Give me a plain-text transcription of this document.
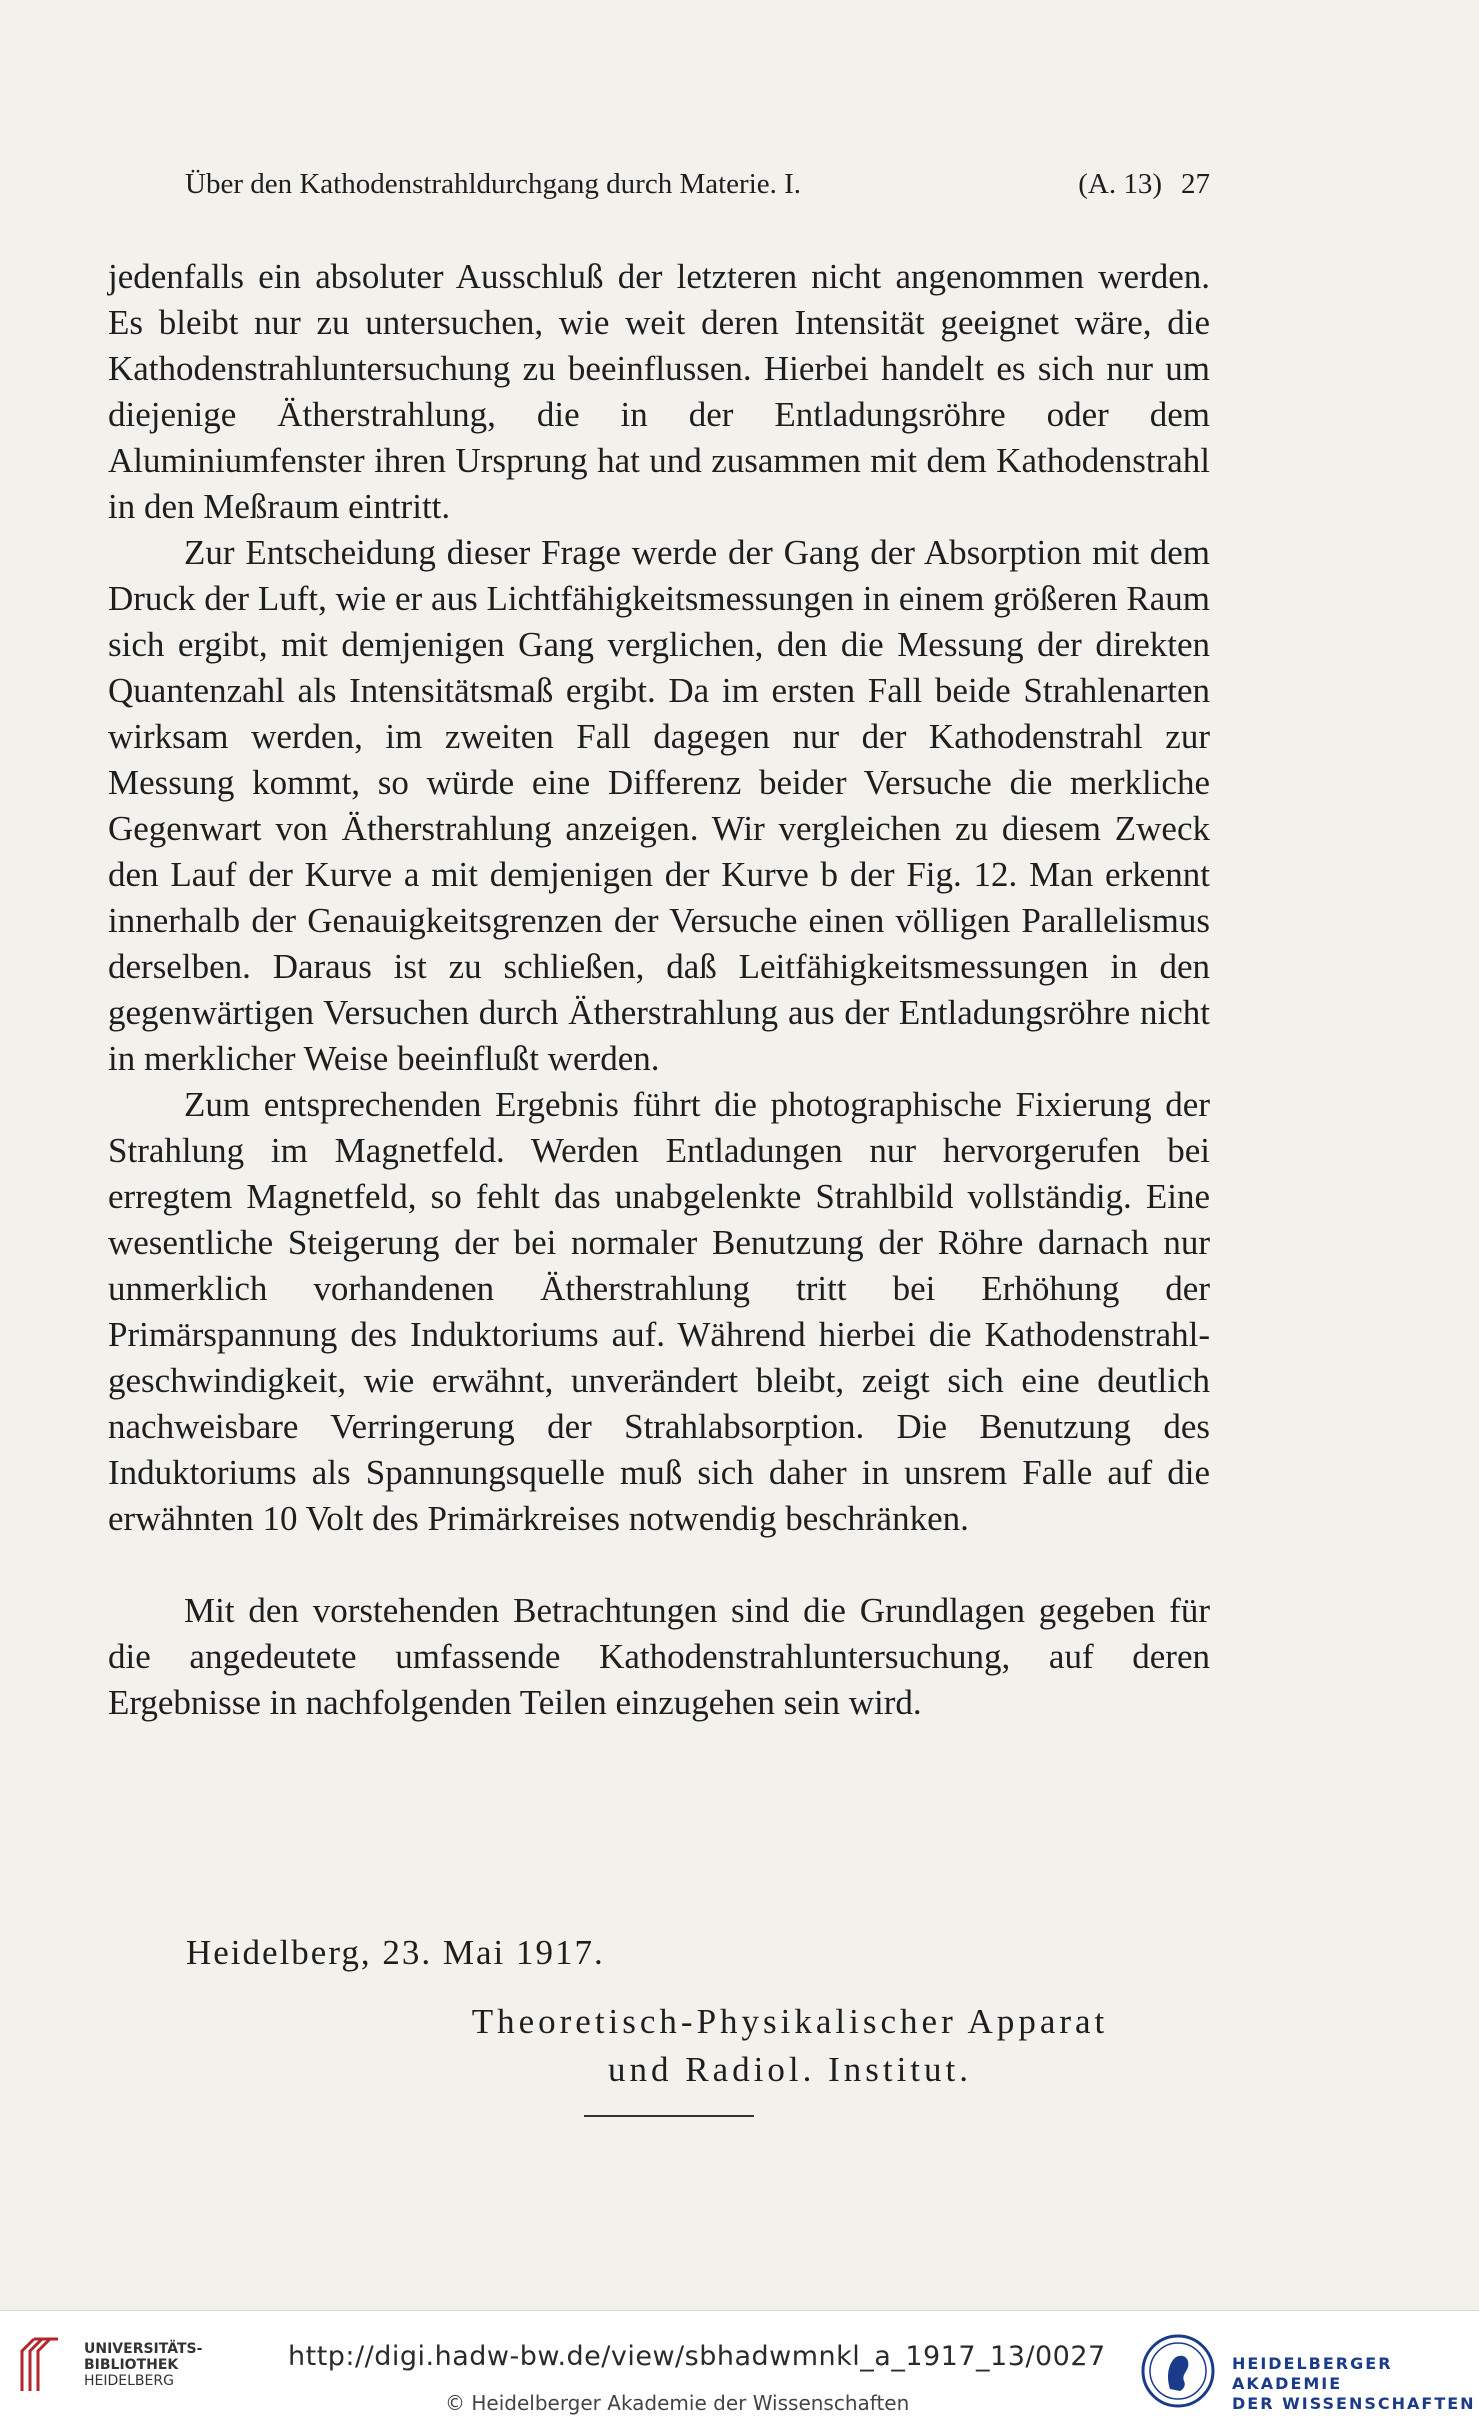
Über den Kathodenstrahldurchgang durch Materie. I.	(A. 13) 27

jedenfalls ein absoluter Ausschluß der letzteren nicht angenommen werden. Es bleibt nur zu untersuchen, wie weit deren Intensität geeignet wäre, die Kathodenstrahluntersuchung zu beeinflussen. Hierbei handelt es sich nur um diejenige Ätherstrahlung, die in der Entladungsröhre oder dem Aluminiumfenster ihren Ursprung hat und zusammen mit dem Kathodenstrahl in den Meßraum eintritt.

Zur Entscheidung dieser Frage werde der Gang der Absorption mit dem Druck der Luft, wie er aus Lichtfähigkeitsmessungen in einem größeren Raum sich ergibt, mit demjenigen Gang verglichen, den die Messung der direkten Quantenzahl als Intensitätsmaß ergibt. Da im ersten Fall beide Strahlenarten wirksam werden, im zweiten Fall dagegen nur der Kathodenstrahl zur Messung kommt, so würde eine Differenz beider Versuche die merkliche Gegenwart von Ätherstrahlung anzeigen. Wir vergleichen zu diesem Zweck den Lauf der Kurve a mit demjenigen der Kurve b der Fig. 12. Man erkennt innerhalb der Genauigkeitsgrenzen der Versuche einen völligen Parallelismus derselben. Daraus ist zu schließen, daß Leitfähigkeitsmessungen in den gegenwärtigen Versuchen durch Ätherstrahlung aus der Entladungsröhre nicht in merklicher Weise beeinflußt werden.

Zum entsprechenden Ergebnis führt die photographische Fixierung der Strahlung im Magnetfeld. Werden Entladungen nur hervorgerufen bei erregtem Magnetfeld, so fehlt das unabgelenkte Strahlbild vollständig. Eine wesentliche Steigerung der bei normaler Benutzung der Röhre darnach nur unmerklich vorhandenen Ätherstrahlung tritt bei Erhöhung der Primärspannung des Induktoriums auf. Während hierbei die Kathodenstrahlgeschwindigkeit, wie erwähnt, unverändert bleibt, zeigt sich eine deutlich nachweisbare Verringerung der Strahlabsorption. Die Benutzung des Induktoriums als Spannungsquelle muß sich daher in unsrem Falle auf die erwähnten 10 Volt des Primärkreises notwendig beschränken.

Mit den vorstehenden Betrachtungen sind die Grundlagen gegeben für die angedeutete umfassende Kathodenstrahluntersuchung, auf deren Ergebnisse in nachfolgenden Teilen einzugehen sein wird.

Heidelberg, 23. Mai 1917.
Theoretisch-Physikalischer Apparat
und Radiol. Institut.
UNIVERSITÄTS-
BIBLIOTHEK
HEIDELBERG
http://digi.hadw-bw.de/view/sbhadwmnkl_a_1917_13/0027
© Heidelberger Akademie der Wissenschaften
HEIDELBERGER AKADEMIE
DER WISSENSCHAFTEN
